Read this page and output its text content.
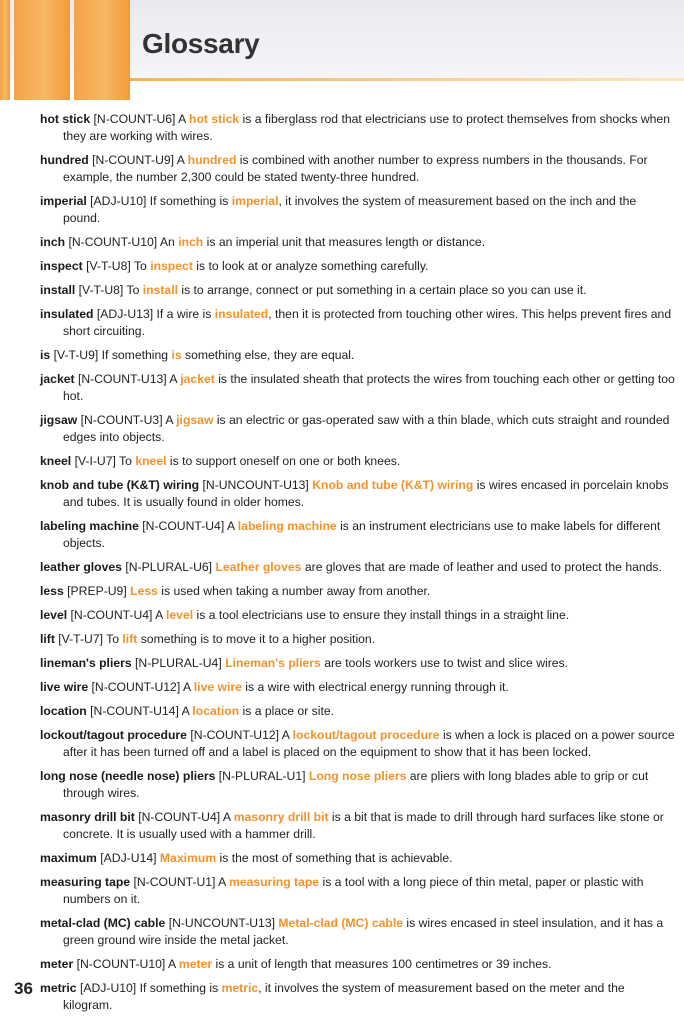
Glossary

hot stick [N-COUNT-U6] A hot stick is a fiberglass rod that electricians use to protect themselves from shocks when they are working with wires.

hundred [N-COUNT-U9] A hundred is combined with another number to express numbers in the thousands. For example, the number 2,300 could be stated twenty-three hundred.

imperial [ADJ-U10] If something is imperial, it involves the system of measurement based on the inch and the pound.

inch [N-COUNT-U10] An inch is an imperial unit that measures length or distance.

inspect [V-T-U8] To inspect is to look at or analyze something carefully.

install [V-T-U8] To install is to arrange, connect or put something in a certain place so you can use it.

insulated [ADJ-U13] If a wire is insulated, then it is protected from touching other wires. This helps prevent fires and short circuiting.

is [V-T-U9] If something is something else, they are equal.

jacket [N-COUNT-U13] A jacket is the insulated sheath that protects the wires from touching each other or getting too hot.

jigsaw [N-COUNT-U3] A jigsaw is an electric or gas-operated saw with a thin blade, which cuts straight and rounded edges into objects.

kneel [V-I-U7] To kneel is to support oneself on one or both knees.

knob and tube (K&T) wiring [N-UNCOUNT-U13] Knob and tube (K&T) wiring is wires encased in porcelain knobs and tubes. It is usually found in older homes.

labeling machine [N-COUNT-U4] A labeling machine is an instrument electricians use to make labels for different objects.

leather gloves [N-PLURAL-U6] Leather gloves are gloves that are made of leather and used to protect the hands.

less [PREP-U9] Less is used when taking a number away from another.

level [N-COUNT-U4] A level is a tool electricians use to ensure they install things in a straight line.

lift [V-T-U7] To lift something is to move it to a higher position.

lineman's pliers [N-PLURAL-U4] Lineman's pliers are tools workers use to twist and slice wires.

live wire [N-COUNT-U12] A live wire is a wire with electrical energy running through it.

location [N-COUNT-U14] A location is a place or site.

lockout/tagout procedure [N-COUNT-U12] A lockout/tagout procedure is when a lock is placed on a power source after it has been turned off and a label is placed on the equipment to show that it has been locked.

long nose (needle nose) pliers [N-PLURAL-U1] Long nose pliers are pliers with long blades able to grip or cut through wires.

masonry drill bit [N-COUNT-U4] A masonry drill bit is a bit that is made to drill through hard surfaces like stone or concrete. It is usually used with a hammer drill.

maximum [ADJ-U14] Maximum is the most of something that is achievable.

measuring tape [N-COUNT-U1] A measuring tape is a tool with a long piece of thin metal, paper or plastic with numbers on it.

metal-clad (MC) cable [N-UNCOUNT-U13] Metal-clad (MC) cable is wires encased in steel insulation, and it has a green ground wire inside the metal jacket.

meter [N-COUNT-U10] A meter is a unit of length that measures 100 centimetres or 39 inches.

metric [ADJ-U10] If something is metric, it involves the system of measurement based on the meter and the kilogram.

36
